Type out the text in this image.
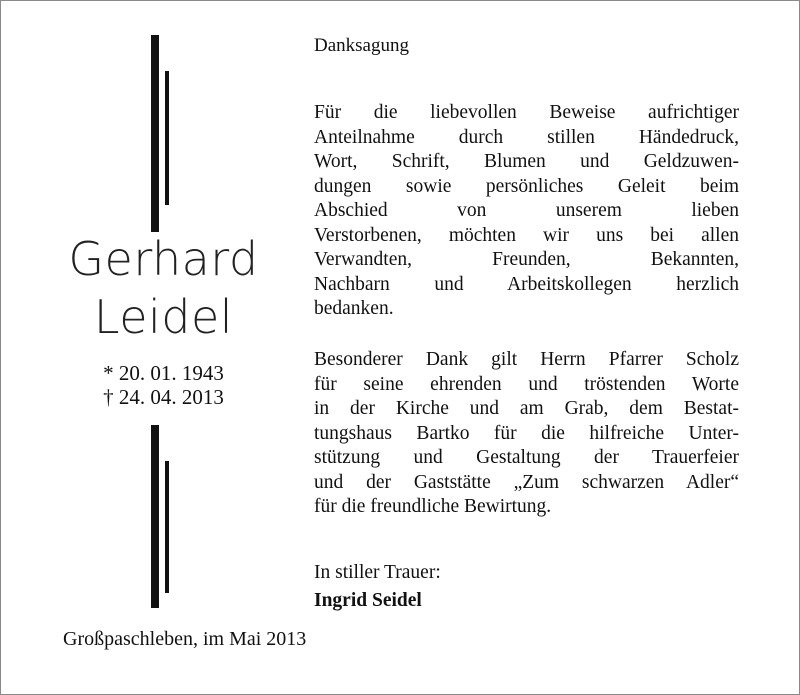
Gerhard
Leidel
* 20. 01. 1943
† 24. 04. 2013
Danksagung
Für die liebevollen Beweise aufrichtiger
Anteilnahme durch stillen Händedruck,
Wort, Schrift, Blumen und Geldzuwen-
dungen sowie persönliches Geleit beim
Abschied von unserem lieben
Verstorbenen, möchten wir uns bei allen
Verwandten, Freunden, Bekannten,
Nachbarn und Arbeitskollegen herzlich
bedanken.
Besonderer Dank gilt Herrn Pfarrer Scholz
für seine ehrenden und tröstenden Worte
in der Kirche und am Grab, dem Bestat-
tungshaus Bartko für die hilfreiche Unter-
stützung und Gestaltung der Trauerfeier
und der Gaststätte „Zum schwarzen Adler“
für die freundliche Bewirtung.
In stiller Trauer:
Ingrid Seidel
Großpaschleben, im Mai 2013
